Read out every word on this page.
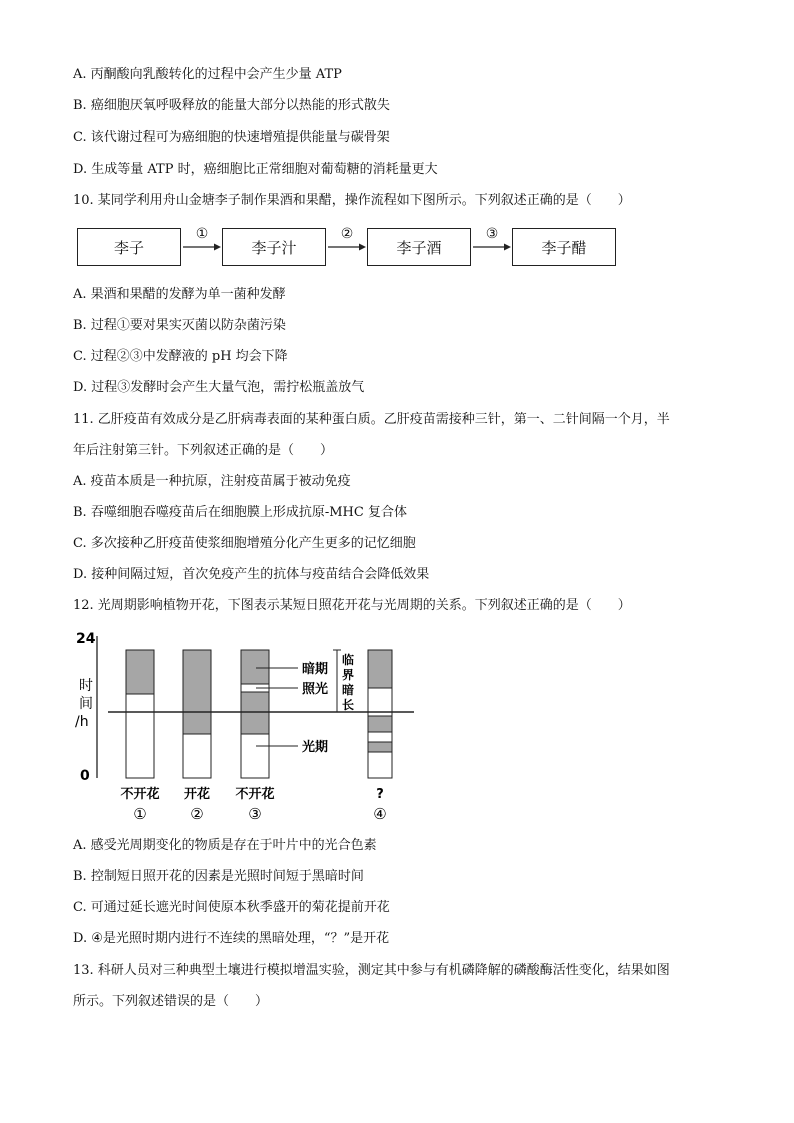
A. 丙酮酸向乳酸转化的过程中会产生少量 ATP
B. 癌细胞厌氧呼吸释放的能量大部分以热能的形式散失
C. 该代谢过程可为癌细胞的快速增殖提供能量与碳骨架
D. 生成等量 ATP 时，癌细胞比正常细胞对葡萄糖的消耗量更大
10. 某同学利用舟山金塘李子制作果酒和果醋，操作流程如下图所示。下列叙述正确的是（　　）
李子	李子汁	李子酒	李子醋
①	②	③
A. 果酒和果醋的发酵为单一菌种发酵
B. 过程①要对果实灭菌以防杂菌污染
C. 过程②③中发酵液的 pH 均会下降
D. 过程③发酵时会产生大量气泡，需拧松瓶盖放气
11. 乙肝疫苗有效成分是乙肝病毒表面的某种蛋白质。乙肝疫苗需接种三针，第一、二针间隔一个月，半
年后注射第三针。下列叙述正确的是（　　）
A. 疫苗本质是一种抗原，注射疫苗属于被动免疫
B. 吞噬细胞吞噬疫苗后在细胞膜上形成抗原-MHC 复合体
C. 多次接种乙肝疫苗使浆细胞增殖分化产生更多的记忆细胞
D. 接种间隔过短，首次免疫产生的抗体与疫苗结合会降低效果
12. 光周期影响植物开花，下图表示某短日照花开花与光周期的关系。下列叙述正确的是（　　）
24
0
时
间
/h
暗期
照光
光期
临
界
暗
长
不开花
①
开花
②
不开花
③
?
④
A. 感受光周期变化的物质是存在于叶片中的光合色素
B. 控制短日照开花的因素是光照时间短于黑暗时间
C. 可通过延长遮光时间使原本秋季盛开的菊花提前开花
D. ④是光照时期内进行不连续的黑暗处理，“？”是开花
13. 科研人员对三种典型土壤进行模拟增温实验，测定其中参与有机磷降解的磷酸酶活性变化，结果如图
所示。下列叙述错误的是（　　）
